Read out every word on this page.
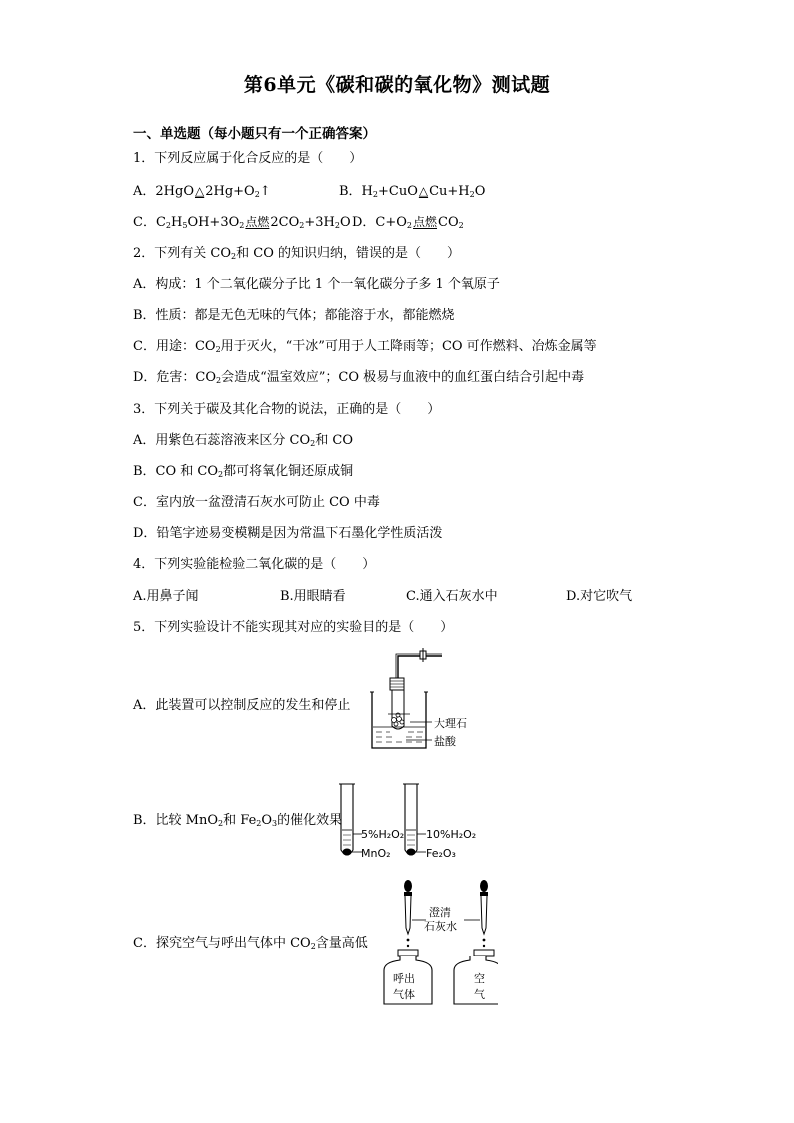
第6单元《碳和碳的氧化物》测试题
一、单选题（每小题只有一个正确答案）
1．下列反应属于化合反应的是（　　）
A．$2HgO\triangle 2Hg+O_2↑$	B．$H_2+CuO\triangle Cu+H_2O$
C．$C_2H_5OH+3O_2$点燃$2CO_2+3H_2O$ D．$C+O_2$点燃$CO_2$
2．下列有关 $CO_2$和 CO 的知识归纳，错误的是（　　）
A．构成：1 个二氧化碳分子比 1 个一氧化碳分子多 1 个氧原子
B．性质：都是无色无味的气体；都能溶于水，都能燃烧
C．用途：$CO_2$用于灭火，“干冰”可用于人工降雨等；CO 可作燃料、冶炼金属等
D．危害：$CO_2$会造成“温室效应”；CO 极易与血液中的血红蛋白结合引起中毒
3．下列关于碳及其化合物的说法，正确的是（　　）
A．用紫色石蕊溶液来区分 $CO_2$和 CO
B．CO 和 $CO_2$都可将氧化铜还原成铜
C．室内放一盆澄清石灰水可防止 CO 中毒
D．铅笔字迹易变模糊是因为常温下石墨化学性质活泼
4．下列实验能检验二氧化碳的是（　　）
A.用鼻子闻	B.用眼睛看	C.通入石灰水中	D.对它吹气
5．下列实验设计不能实现其对应的实验目的是（　　）
A．此装置可以控制反应的发生和停止
大理石
盐酸
B．比较 MnO$_2$和 $Fe_2O_3$的催化效果
5%H₂O₂
MnO₂
10%H₂O₂
Fe₂O₃
C．探究空气与呼出气体中 $CO_2$含量高低
澄清
石灰水
呼出
气体
空
气
